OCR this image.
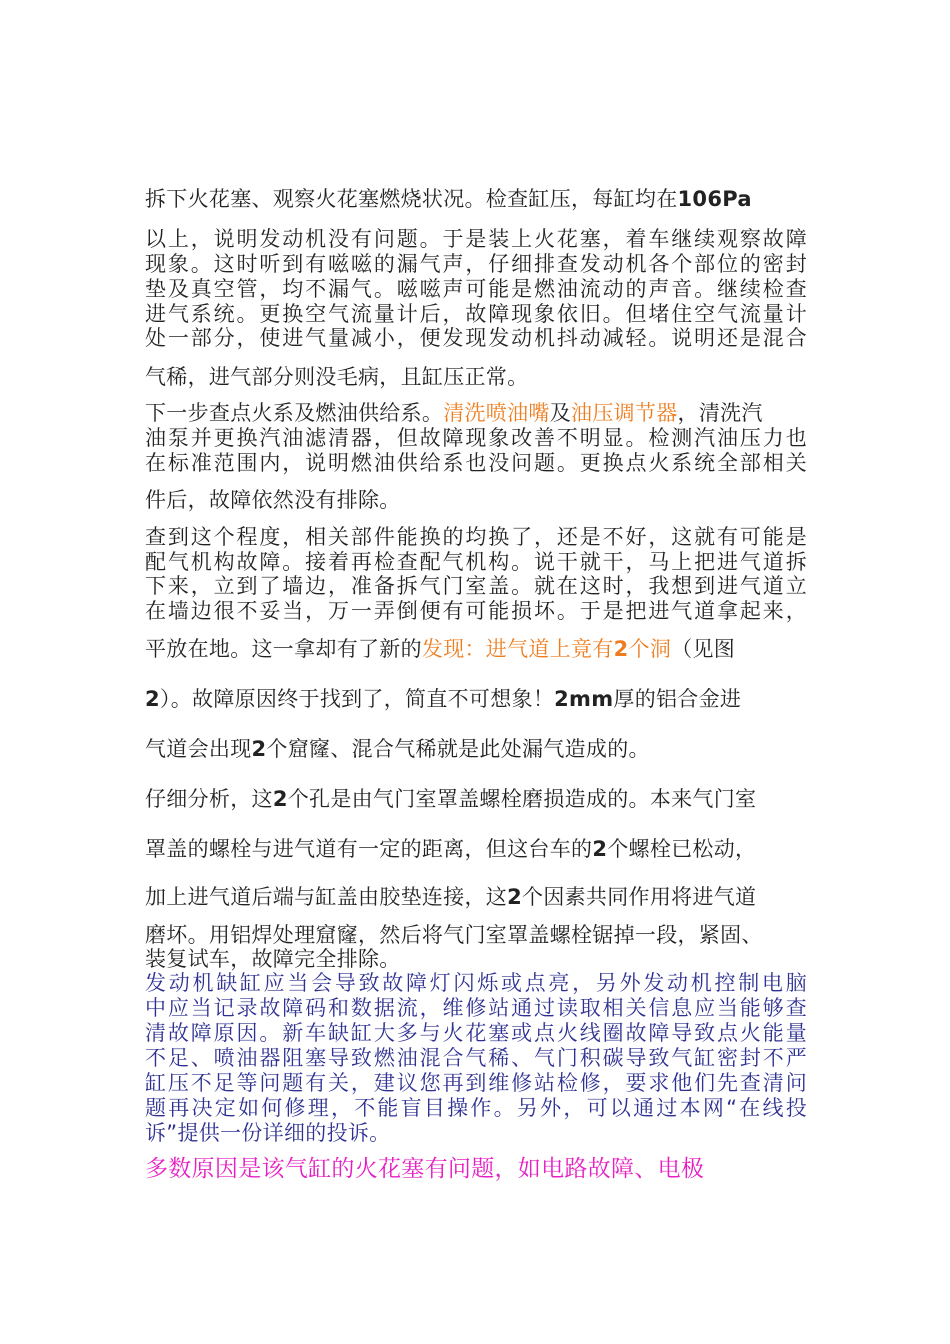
拆下火花塞、观察火花塞燃烧状况。检查缸压，每缸均在106Pa
以上，说明发动机没有问题。于是装上火花塞，着车继续观察故障
现象。这时听到有嗞嗞的漏气声，仔细排查发动机各个部位的密封
垫及真空管，均不漏气。嗞嗞声可能是燃油流动的声音。继续检查
进气系统。更换空气流量计后，故障现象依旧。但堵住空气流量计
处一部分，使进气量减小，便发现发动机抖动减轻。说明还是混合
气稀，进气部分则没毛病，且缸压正常。
下一步查点火系及燃油供给系。清洗喷油嘴及油压调节器，清洗汽
油泵并更换汽油滤清器，但故障现象改善不明显。检测汽油压力也
在标准范围内，说明燃油供给系也没问题。更换点火系统全部相关
件后，故障依然没有排除。
查到这个程度，相关部件能换的均换了，还是不好，这就有可能是
配气机构故障。接着再检查配气机构。说干就干，马上把进气道拆
下来，立到了墙边，准备拆气门室盖。就在这时，我想到进气道立
在墙边很不妥当，万一弄倒便有可能损坏。于是把进气道拿起来，
平放在地。这一拿却有了新的发现：进气道上竟有2个洞（见图
2）。故障原因终于找到了，简直不可想象！2mm厚的铝合金进
气道会出现2个窟窿、混合气稀就是此处漏气造成的。
仔细分析，这2个孔是由气门室罩盖螺栓磨损造成的。本来气门室
罩盖的螺栓与进气道有一定的距离，但这台车的2个螺栓已松动，
加上进气道后端与缸盖由胶垫连接，这2个因素共同作用将进气道
磨坏。用铝焊处理窟窿，然后将气门室罩盖螺栓锯掉一段，紧固、
装复试车，故障完全排除。
发动机缺缸应当会导致故障灯闪烁或点亮，另外发动机控制电脑
中应当记录故障码和数据流，维修站通过读取相关信息应当能够查
清故障原因。新车缺缸大多与火花塞或点火线圈故障导致点火能量
不足、喷油器阻塞导致燃油混合气稀、气门积碳导致气缸密封不严
缸压不足等问题有关，建议您再到维修站检修，要求他们先查清问
题再决定如何修理，不能盲目操作。另外，可以通过本网“在线投
诉”提供一份详细的投诉。
多数原因是该气缸的火花塞有问题，如电路故障、电极
